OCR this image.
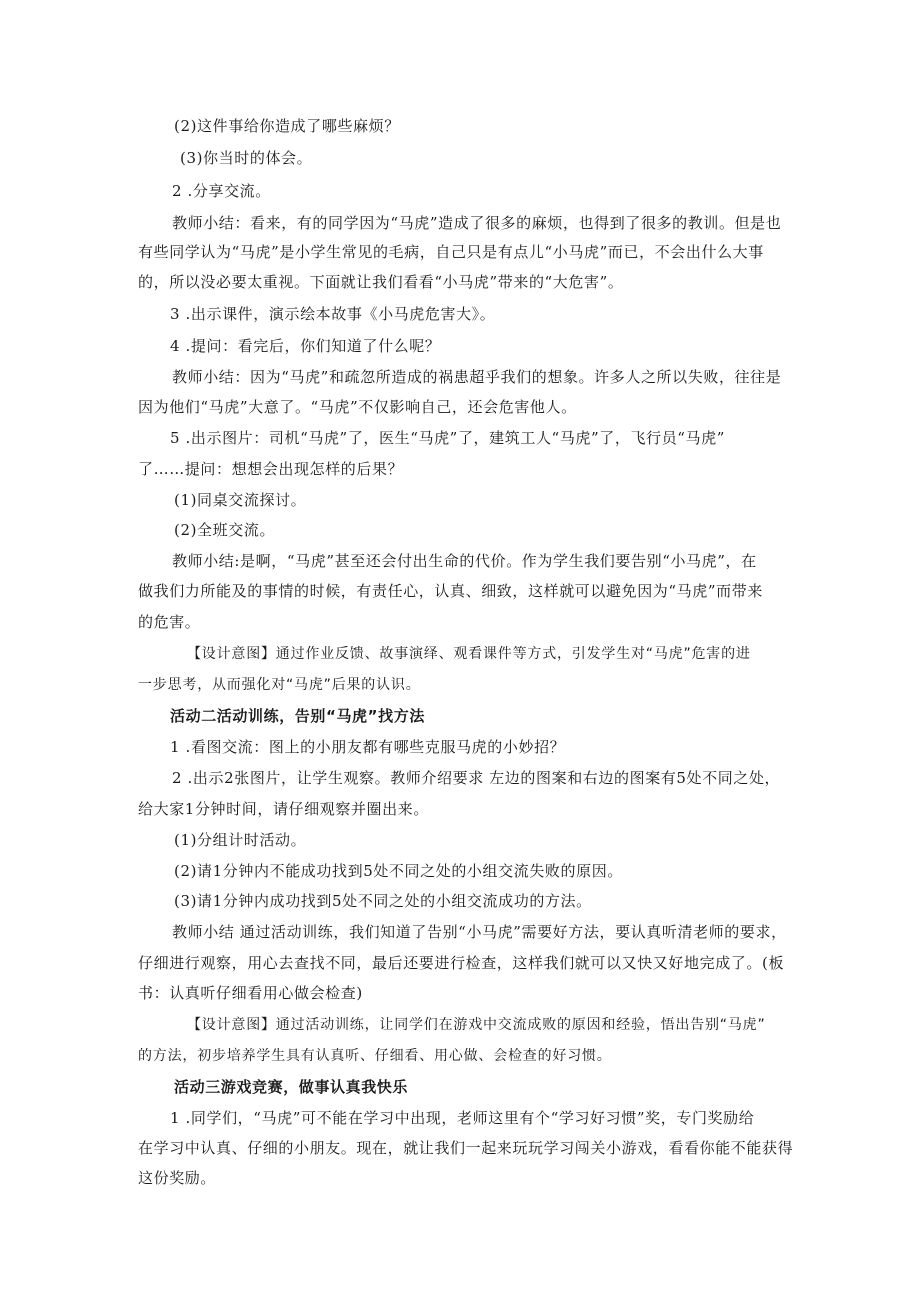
(2)这件事给你造成了哪些麻烦？
(3)你当时的体会。
2 .分享交流。
教师小结：看来，有的同学因为“马虎”造成了很多的麻烦，也得到了很多的教训。但是也
有些同学认为“马虎”是小学生常见的毛病，自己只是有点儿“小马虎”而已，不会出什么大事
的，所以没必要太重视。下面就让我们看看“小马虎”带来的“大危害”。
3 .出示课件，演示绘本故事《小马虎危害大》。
4 .提问：看完后，你们知道了什么呢？
教师小结：因为“马虎”和疏忽所造成的祸患超乎我们的想象。许多人之所以失败，往往是
因为他们“马虎”大意了。“马虎”不仅影响自己，还会危害他人。
5 .出示图片：司机“马虎”了，医生“马虎”了，建筑工人“马虎”了，飞行员“马虎”
了……提问：想想会出现怎样的后果？
(1)同桌交流探讨。
(2)全班交流。
教师小结:是啊，“马虎”甚至还会付出生命的代价。作为学生我们要告别“小马虎”，在
做我们力所能及的事情的时候，有责任心，认真、细致，这样就可以避免因为“马虎”而带来
的危害。
【设计意图】通过作业反馈、故事演绎、观看课件等方式，引发学生对“马虎”危害的进
一步思考，从而强化对“马虎”后果的认识。
活动二活动训练，告别“马虎”找方法
1 .看图交流：图上的小朋友都有哪些克服马虎的小妙招？
2 .出示2张图片，让学生观察。教师介绍要求 左边的图案和右边的图案有5处不同之处，
给大家1分钟时间，请仔细观察并圈出来。
(1)分组计时活动。
(2)请1分钟内不能成功找到5处不同之处的小组交流失败的原因。
(3)请1分钟内成功找到5处不同之处的小组交流成功的方法。
教师小结 通过活动训练，我们知道了告别“小马虎”需要好方法，要认真听清老师的要求，
仔细进行观察，用心去查找不同，最后还要进行检查，这样我们就可以又快又好地完成了。(板
书：认真听仔细看用心做会检查)
【设计意图】通过活动训练，让同学们在游戏中交流成败的原因和经验，悟出告别“马虎”
的方法，初步培养学生具有认真听、仔细看、用心做、会检查的好习惯。
活动三游戏竞赛，做事认真我快乐
1 .同学们，“马虎”可不能在学习中出现，老师这里有个“学习好习惯”奖，专门奖励给
在学习中认真、仔细的小朋友。现在，就让我们一起来玩玩学习闯关小游戏，看看你能不能获得
这份奖励。
